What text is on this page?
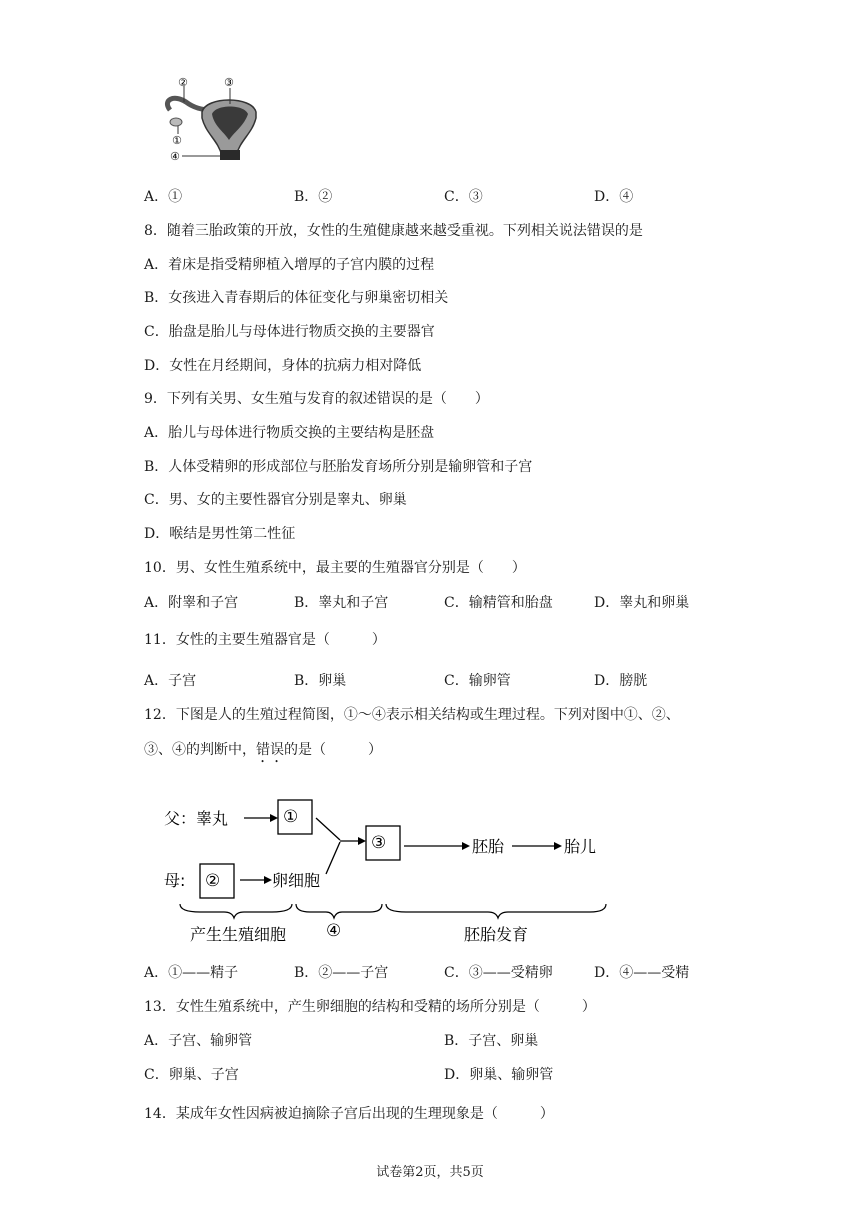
②	③
①
④
A．①	B．②	C．③	D．④
8．随着三胎政策的开放，女性的生殖健康越来越受重视。下列相关说法错误的是
A．着床是指受精卵植入增厚的子宫内膜的过程
B．女孩进入青春期后的体征变化与卵巢密切相关
C．胎盘是胎儿与母体进行物质交换的主要器官
D．女性在月经期间，身体的抗病力相对降低
9．下列有关男、女生殖与发育的叙述错误的是（　　）
A．胎儿与母体进行物质交换的主要结构是胚盘
B．人体受精卵的形成部位与胚胎发育场所分别是输卵管和子宫
C．男、女的主要性器官分别是睾丸、卵巢
D．喉结是男性第二性征
10．男、女性生殖系统中，最主要的生殖器官分别是（　　）
A．附睾和子宫	B．睾丸和子宫	C．输精管和胎盘	D．睾丸和卵巢
11．女性的主要生殖器官是（　　　）
A．子宫	B．卵巢	C．输卵管	D．膀胱
12．下图是人的生殖过程简图，①～④表示相关结构或生理过程。下列对图中①、②、
③、④的判断中，错误的是（　　　）
父：睾丸	①
母: ②	卵细胞
③	胚胎	胎儿
产生生殖细胞 ④	胚胎发育
A．①——精子	B．②——子宫	C．③——受精卵	D．④——受精
13．女性生殖系统中，产生卵细胞的结构和受精的场所分别是（　　　）
A．子宫、输卵管	B．子宫、卵巢
C．卵巢、子宫	D．卵巢、输卵管
14．某成年女性因病被迫摘除子宫后出现的生理现象是（　　　）
试卷第2页，共5页
